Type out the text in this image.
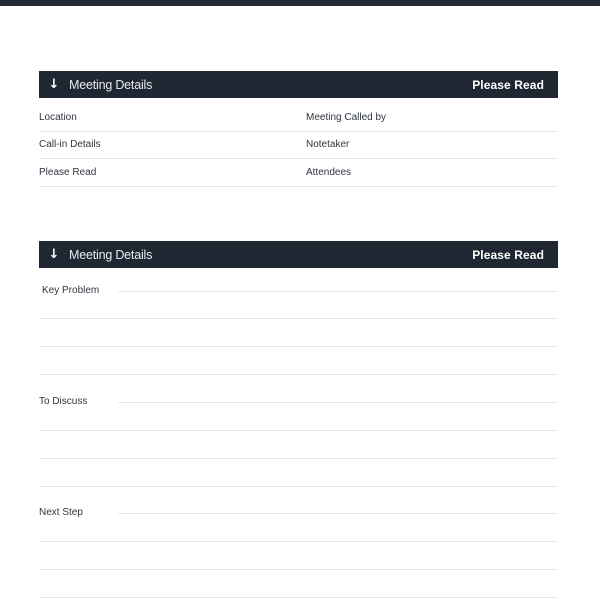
↓ Meeting Details	Please Read
Location	Meeting Called by
Call-in Details	Notetaker
Please Read	Attendees
↓ Meeting Details	Please Read
Key Problem
To Discuss
Next Step
